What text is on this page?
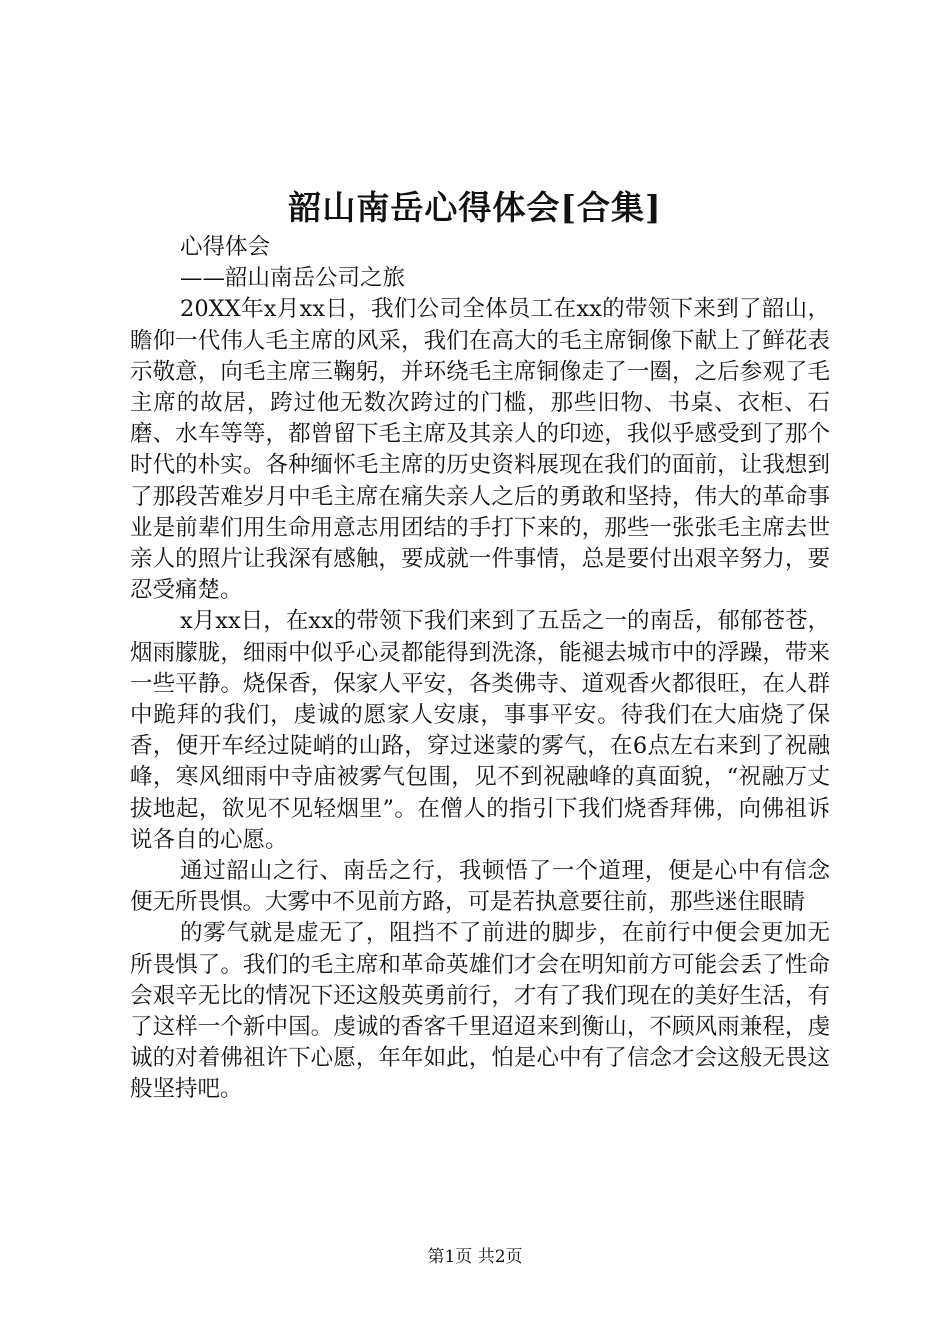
韶山南岳心得体会[合集]

心得体会

——韶山南岳公司之旅

20XX年x月xx日，我们公司全体员工在xx的带领下来到了韶山，瞻仰一代伟人毛主席的风采，我们在高大的毛主席铜像下献上了鲜花表示敬意，向毛主席三鞠躬，并环绕毛主席铜像走了一圈，之后参观了毛主席的故居，跨过他无数次跨过的门槛，那些旧物、书桌、衣柜、石磨、水车等等，都曾留下毛主席及其亲人的印迹，我似乎感受到了那个时代的朴实。各种缅怀毛主席的历史资料展现在我们的面前，让我想到了那段苦难岁月中毛主席在痛失亲人之后的勇敢和坚持，伟大的革命事业是前辈们用生命用意志用团结的手打下来的，那些一张张毛主席去世亲人的照片让我深有感触，要成就一件事情，总是要付出艰辛努力，要忍受痛楚。

x月xx日，在xx的带领下我们来到了五岳之一的南岳，郁郁苍苍，烟雨朦胧，细雨中似乎心灵都能得到洗涤，能褪去城市中的浮躁，带来一些平静。烧保香，保家人平安，各类佛寺、道观香火都很旺，在人群中跪拜的我们，虔诚的愿家人安康，事事平安。待我们在大庙烧了保香，便开车经过陡峭的山路，穿过迷蒙的雾气，在6点左右来到了祝融峰，寒风细雨中寺庙被雾气包围，见不到祝融峰的真面貌，“祝融万丈拔地起，欲见不见轻烟里”。在僧人的指引下我们烧香拜佛，向佛祖诉说各自的心愿。

通过韶山之行、南岳之行，我顿悟了一个道理，便是心中有信念便无所畏惧。大雾中不见前方路，可是若执意要往前，那些迷住眼睛

的雾气就是虚无了，阻挡不了前进的脚步，在前行中便会更加无所畏惧了。我们的毛主席和革命英雄们才会在明知前方可能会丢了性命会艰辛无比的情况下还这般英勇前行，才有了我们现在的美好生活，有了这样一个新中国。虔诚的香客千里迢迢来到衡山，不顾风雨兼程，虔诚的对着佛祖许下心愿，年年如此，怕是心中有了信念才会这般无畏这般坚持吧。

第1页 共2页
